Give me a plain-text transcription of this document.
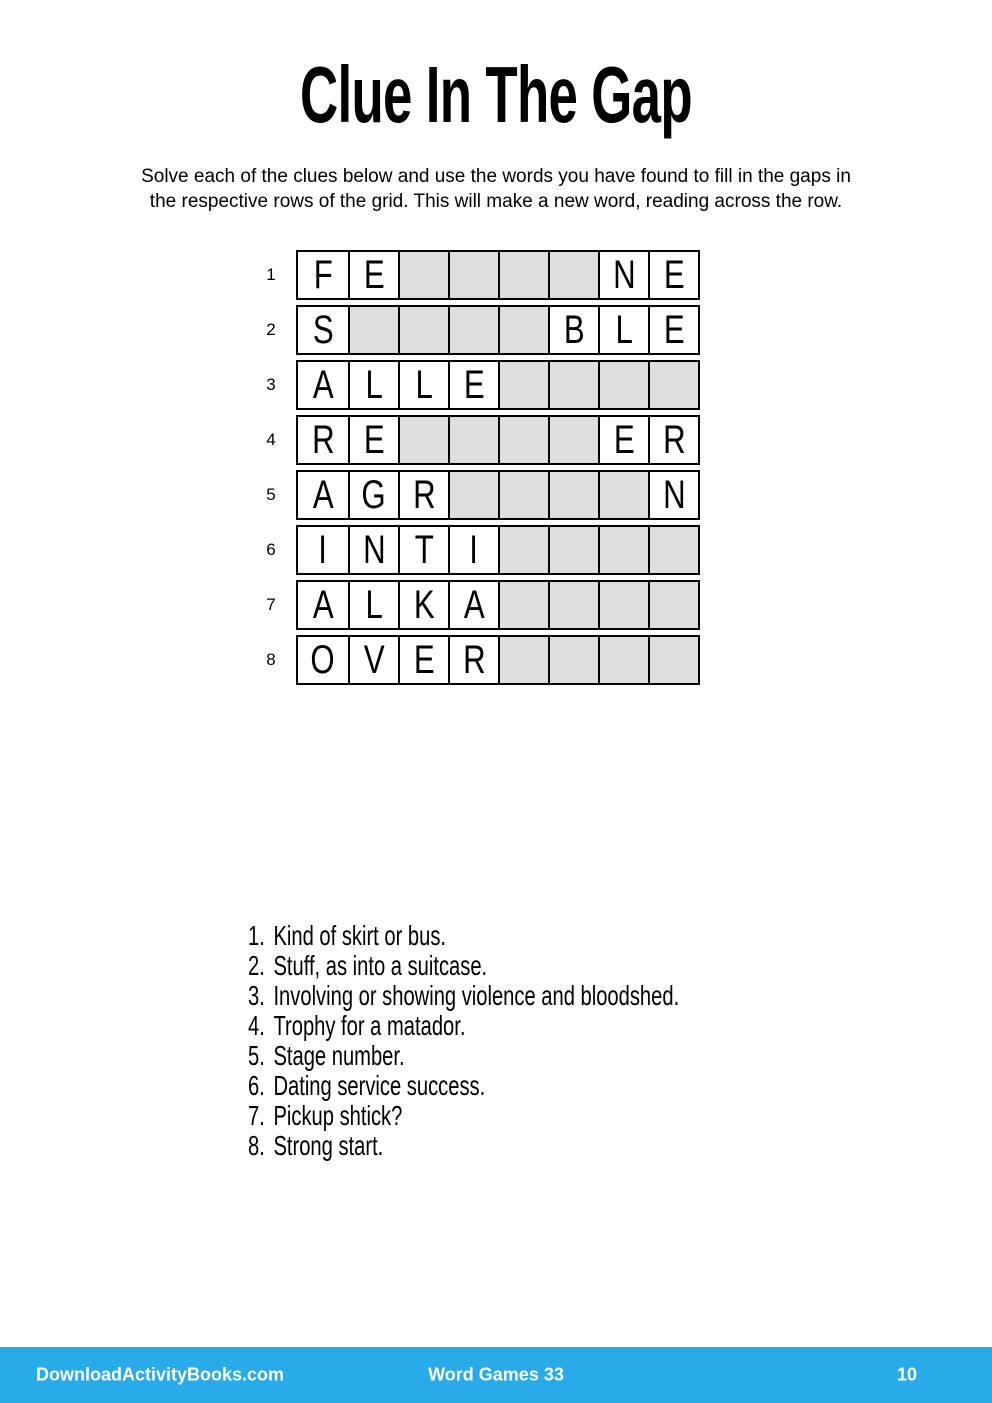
Clue In The Gap
Solve each of the clues below and use the words you have found to fill in the gaps in
the respective rows of the grid. This will make a new word, reading across the row.
1 F E	N E
2 S	B L E
3 A L L E
4 R E	E R
5 A G R	N
6	I N T I
7 A L K A
8 O V E R
1. Kind of skirt or bus.
2. Stuff, as into a suitcase.
3. Involving or showing violence and bloodshed.
4. Trophy for a matador.
5. Stage number.
6. Dating service success.
7. Pickup shtick?
8. Strong start.
Word Games 33
DownloadActivityBooks.com	10
